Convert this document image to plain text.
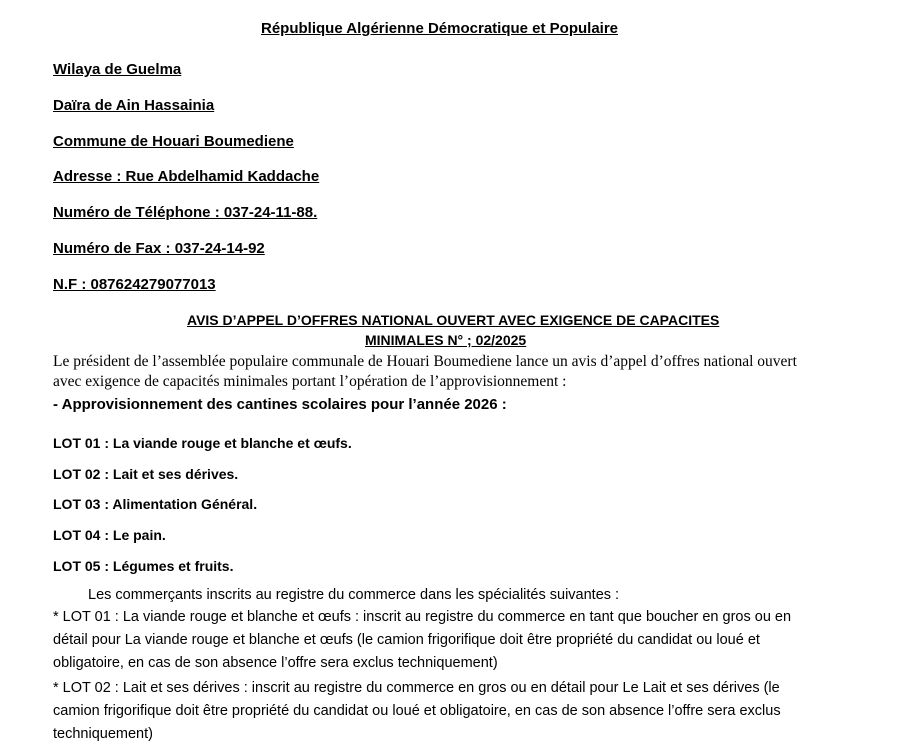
République Algérienne Démocratique et Populaire
Wilaya de Guelma
Daïra de Ain Hassainia
Commune de Houari Boumediene
Adresse : Rue Abdelhamid Kaddache
Numéro de Téléphone : 037-24-11-88.
Numéro de Fax : 037-24-14-92
N.F : 087624279077013
AVIS D’APPEL D’OFFRES NATIONAL OUVERT AVEC EXIGENCE DE CAPACITES
MINIMALES N° ; 02/2025
Le président de l’assemblée populaire communale de Houari Boumediene lance un avis d’appel d’offres national ouvert
avec exigence de capacités minimales portant l’opération de l’approvisionnement :
- Approvisionnement des cantines scolaires pour l’année 2026 :
LOT 01 : La viande rouge et blanche et œufs.
LOT 02 : Lait et ses dérives.
LOT 03 : Alimentation Général.
LOT 04 : Le pain.
LOT 05 : Légumes et fruits.
Les commerçants inscrits au registre du commerce dans les spécialités suivantes :
* LOT 01 : La viande rouge et blanche et œufs : inscrit au registre du commerce en tant que boucher en gros ou en
détail pour La viande rouge et blanche et œufs (le camion frigorifique doit être propriété du candidat ou loué et
obligatoire, en cas de son absence l’offre sera exclus techniquement)
* LOT 02 : Lait et ses dérives : inscrit au registre du commerce en gros ou en détail pour Le Lait et ses dérives (le
camion frigorifique doit être propriété du candidat ou loué et obligatoire, en cas de son absence l’offre sera exclus
techniquement)
